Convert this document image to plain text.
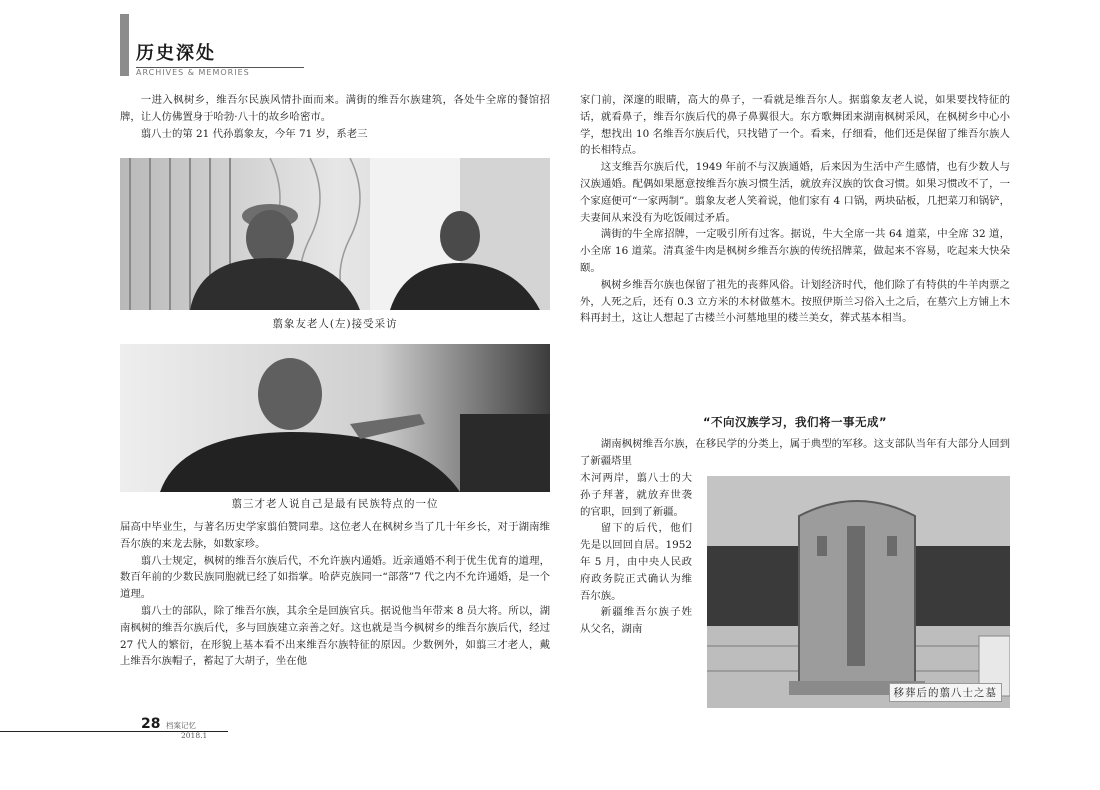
历史深处
ARCHIVES & MEMORIES

一进入枫树乡，维吾尔民族风情扑面而来。满街的维吾尔族建筑，各处牛全席的餐馆招牌，让人仿佛置身于哈勃·八十的故乡哈密市。

翦八士的第 21 代孙翦象友，今年 71 岁，系老三

翦象友老人(左)接受采访
翦三才老人说自己是最有民族特点的一位

届高中毕业生，与著名历史学家翦伯赞同辈。这位老人在枫树乡当了几十年乡长，对于湖南维吾尔族的来龙去脉，如数家珍。

翦八士规定，枫树的维吾尔族后代，不允许族内通婚。近亲通婚不利于优生优育的道理，数百年前的少数民族同胞就已经了如指掌。哈萨克族同一“部落”7 代之内不允许通婚，是一个道理。

翦八士的部队，除了维吾尔族，其余全是回族官兵。据说他当年带来 8 员大将。所以，湖南枫树的维吾尔族后代，多与回族建立亲善之好。这也就是当今枫树乡的维吾尔族后代，经过 27 代人的繁衍，在形貌上基本看不出来维吾尔族特征的原因。少数例外，如翦三才老人，戴上维吾尔族帽子，蓄起了大胡子，坐在他

家门前，深邃的眼睛，高大的鼻子，一看就是维吾尔人。据翦象友老人说，如果要找特征的话，就看鼻子，维吾尔族后代的鼻子鼻翼很大。东方歌舞团来湖南枫树采风，在枫树乡中心小学，想找出 10 名维吾尔族后代，只找错了一个。看来，仔细看，他们还是保留了维吾尔族人的长相特点。

这支维吾尔族后代，1949 年前不与汉族通婚，后来因为生活中产生感情，也有少数人与汉族通婚。配偶如果愿意按维吾尔族习惯生活，就放弃汉族的饮食习惯。如果习惯改不了，一个家庭便可“一家两制”。翦象友老人笑着说，他们家有 4 口锅，两块砧板，几把菜刀和锅铲，夫妻间从来没有为吃饭闹过矛盾。

满街的牛全席招牌，一定吸引所有过客。据说，牛大全席一共 64 道菜，中全席 32 道，小全席 16 道菜。清真釜牛肉是枫树乡维吾尔族的传统招牌菜，做起来不容易，吃起来大快朵颐。

枫树乡维吾尔族也保留了祖先的丧葬风俗。计划经济时代，他们除了有特供的牛羊肉票之外，人死之后，还有 0.3 立方米的木材做墓木。按照伊斯兰习俗入土之后，在墓穴上方铺上木料再封土，这让人想起了古楼兰小河墓地里的楼兰美女，葬式基本相当。

“不向汉族学习，我们将一事无成”

湖南枫树维吾尔族，在移民学的分类上，属于典型的军移。这支部队当年有大部分人回到了新疆塔里

木河两岸，翦八士的大孙子拜著，就放弃世袭的官职，回到了新疆。

留下的后代，他们先是以回回自居。1952 年 5 月，由中央人民政府政务院正式确认为维吾尔族。

新疆维吾尔族子姓从父名，湖南

移葬后的翦八士之墓
28 档案记忆
2018.1
